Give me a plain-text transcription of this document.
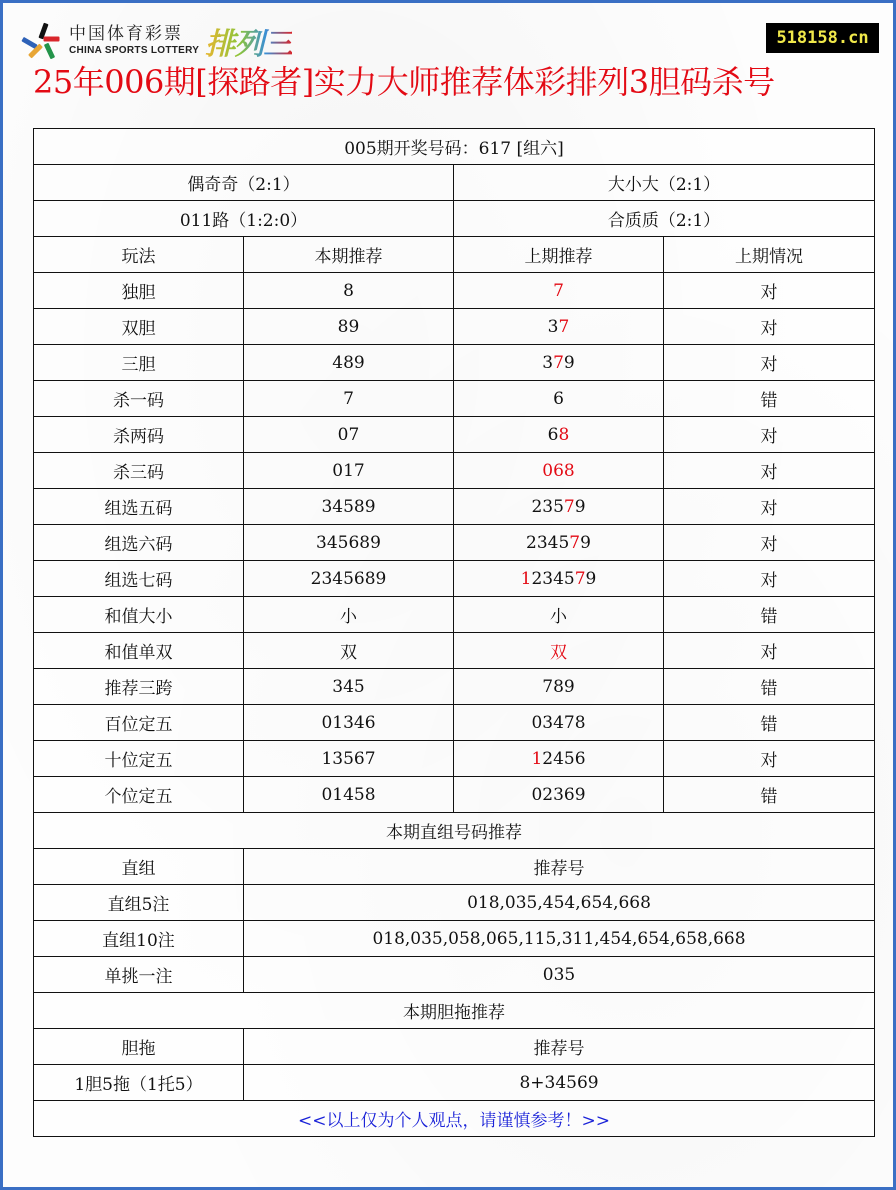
中国体育彩票
CHINA SPORTS LOTTERY 排列三	518158.cn
25年006期[探路者]实力大师推荐体彩排列3胆码杀号
005期开奖号码：617 [组六]			
偶奇奇（2:1）		大小大（2:1）	
011路（1:2:0）		合质质（2:1）	
玩法	本期推荐	上期推荐	上期情况
独胆	8	7	对
双胆	89	37	对
三胆	489	379	对
杀一码	7	6	错
杀两码	07	68	对
杀三码	017	068	对
组选五码	34589	23579	对
组选六码	345689	234579	对
组选七码	2345689	1234579	对
和值大小	小	小	错
和值单双	双	双	对
推荐三跨	345	789	错
百位定五	01346	03478	错
十位定五	13567	12456	对
个位定五	01458	02369	错
本期直组号码推荐			
直组	推荐号		
直组5注	018,035,454,654,668		
直组10注	018,035,058,065,115,311,454,654,658,668		
单挑一注	035		
本期胆拖推荐			
胆拖	推荐号		
1胆5拖（1托5）	8+34569		
<<以上仅为个人观点，请谨慎参考！>>			
